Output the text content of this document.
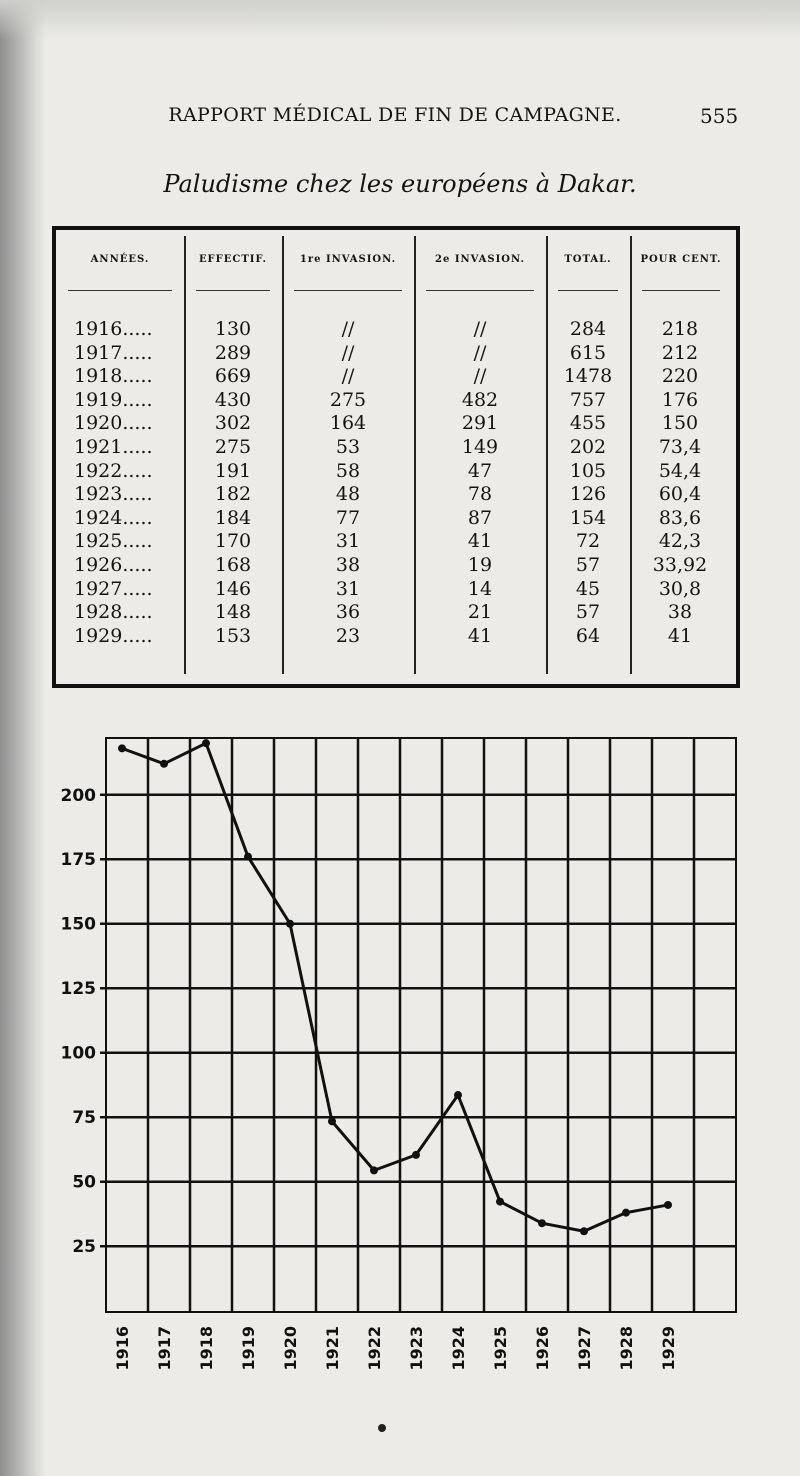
RAPPORT MÉDICAL DE FIN DE CAMPAGNE.	555
Paludisme chez les européens à Dakar.
ANNÉES.	EFFECTIF.	1re INVASION.	2e INVASION.	TOTAL.	POUR CENT.
1916.....	130	//	//	284	218
1917.....	289	//	//	615	212
1918.....	669	//	//	1478	220
1919.....	430	275	482	757	176
1920.....	302	164	291	455	150
1921.....	275	53	149	202	73,4
1922.....	191	58	47	105	54,4
1923.....	182	48	78	126	60,4
1924.....	184	77	87	154	83,6
1925.....	170	31	41	72	42,3
1926.....	168	38	19	57	33,92
1927.....	146	31	14	45	30,8
1928.....	148	36	21	57	38
1929.....	153	23	41	64	41
25
50
75
100
125
150
175
200
1916 1917 1918 1919 1920 1921 1922 1923 1924 1925 1926 1927 1928 1929
